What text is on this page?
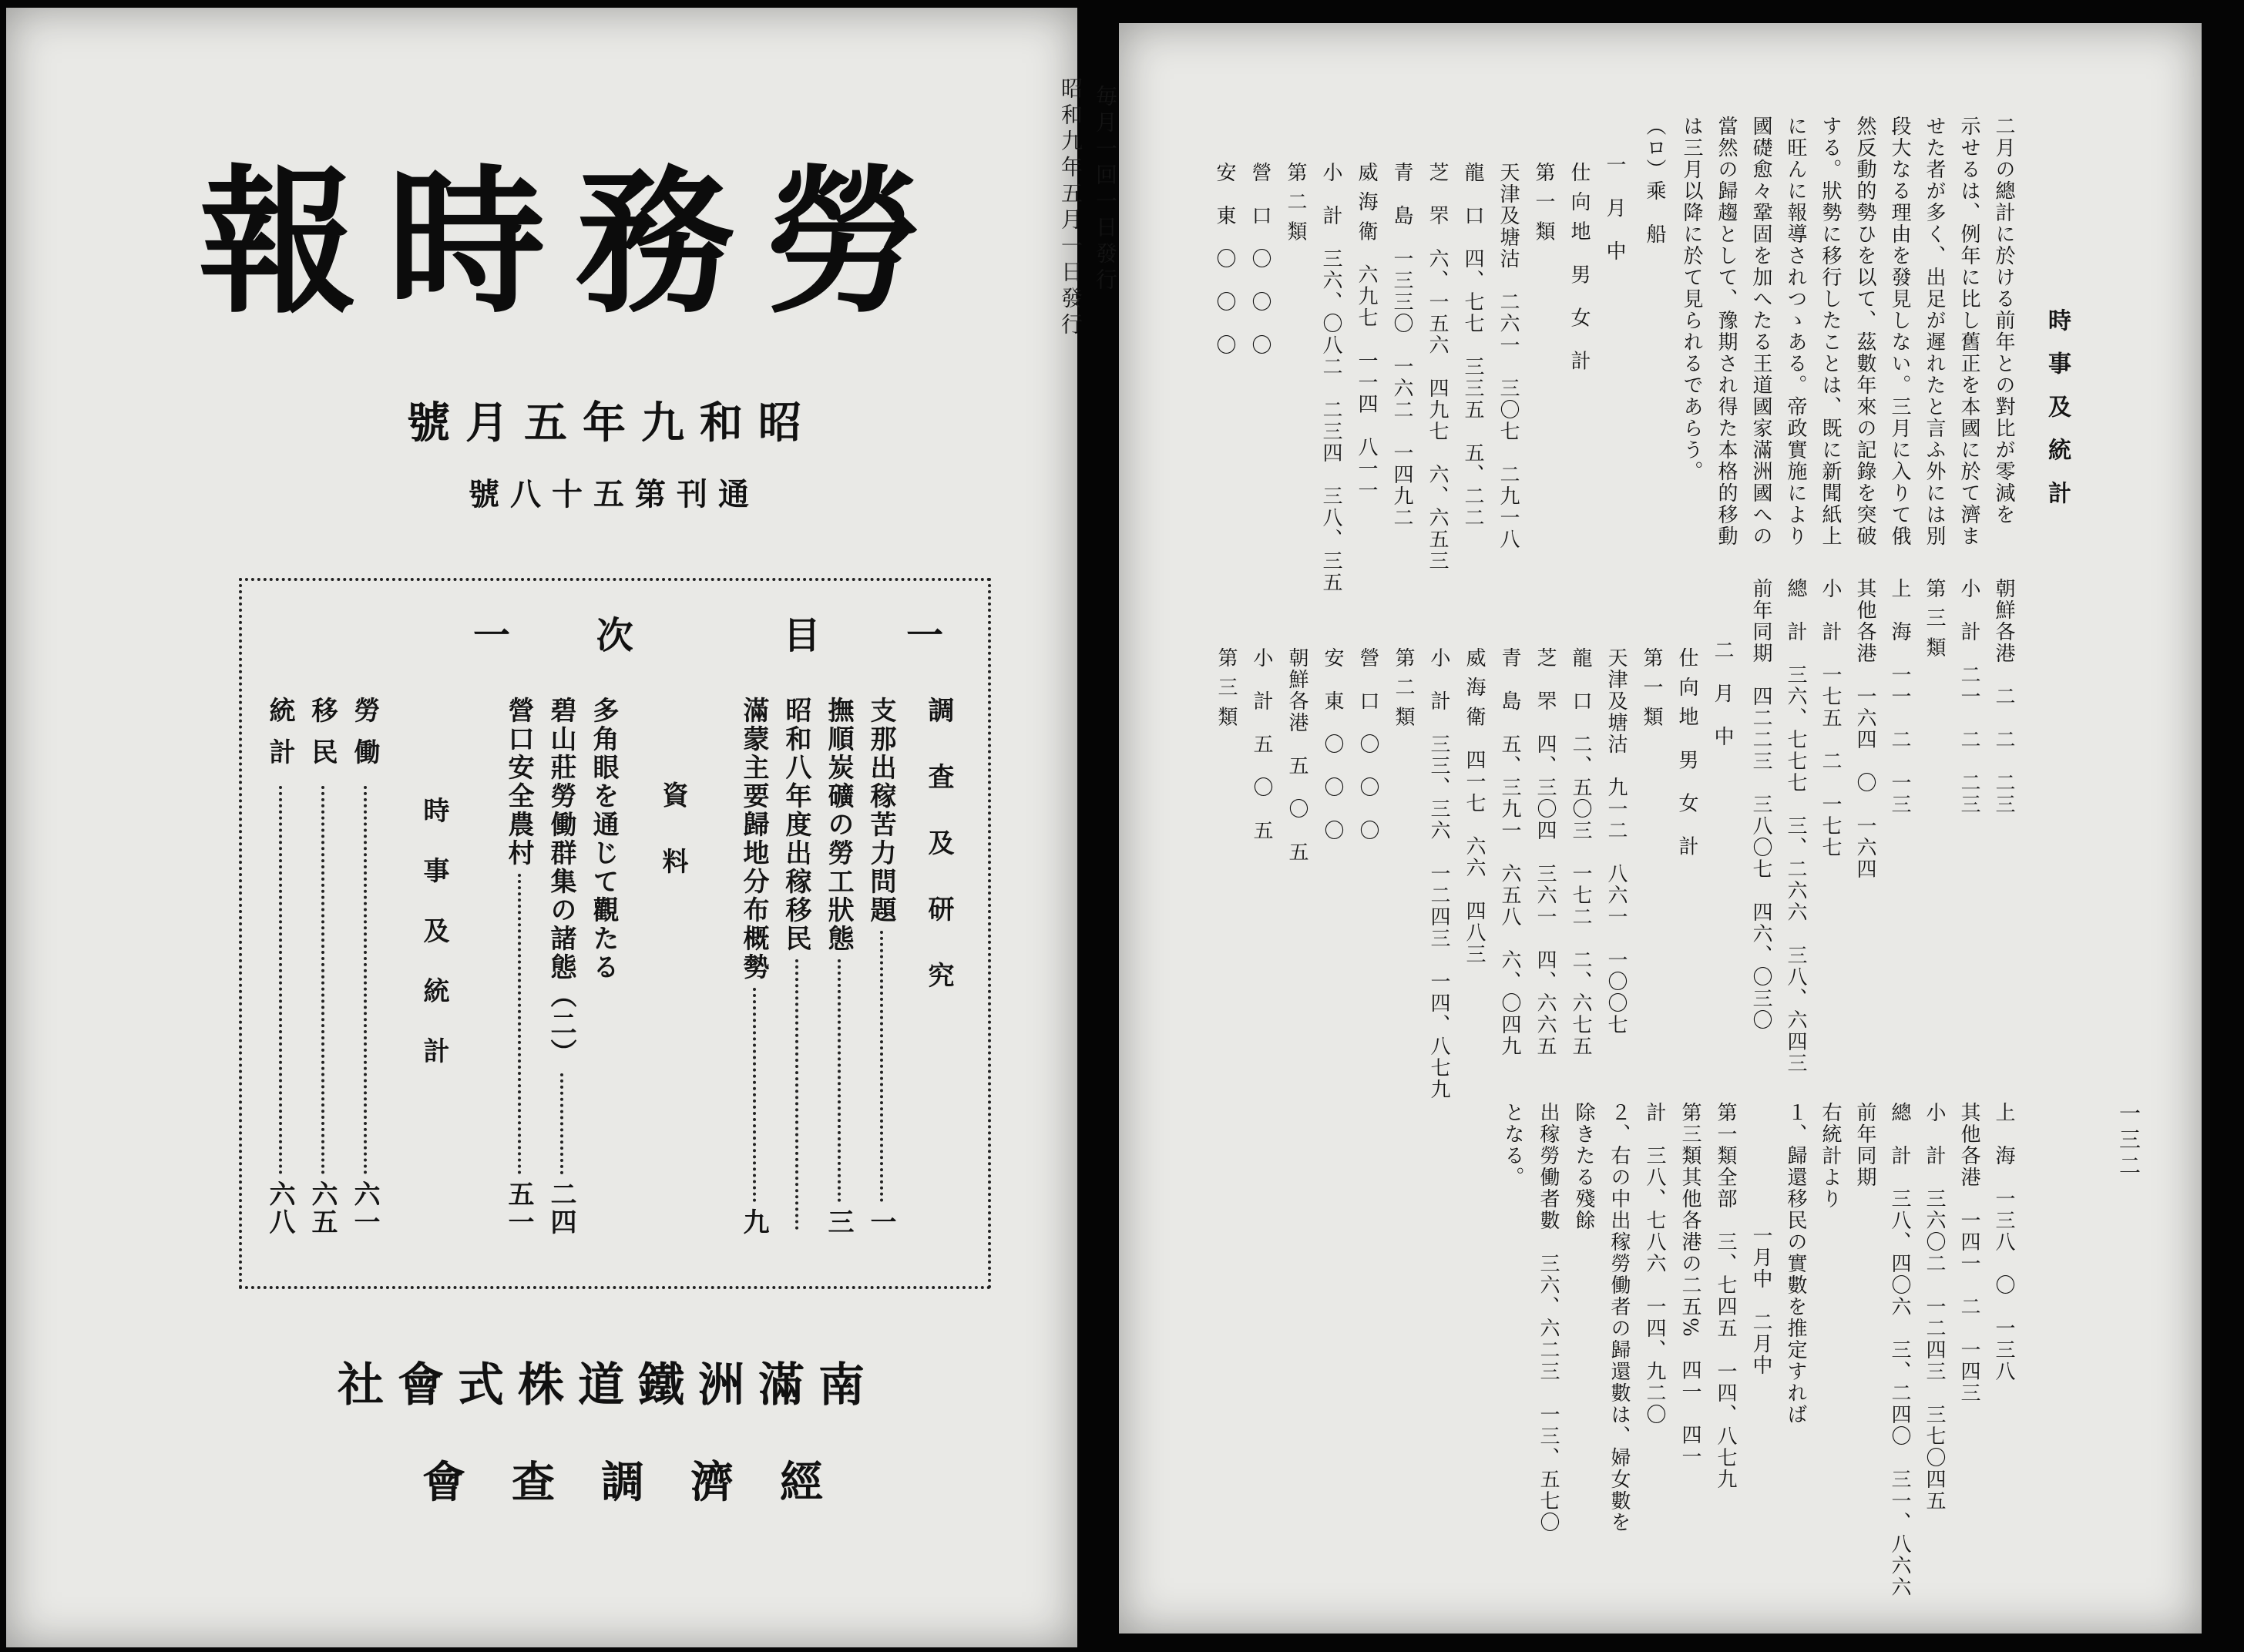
報時務勞
號月五年九和昭
號八十五第刊通
毎月一回一日發行
昭和九年五月一日發行
一 次	目 一
調査及研究
支那出稼苦力問題
一
撫順炭礦の勞工狀態
三
昭和八年度出稼移民
滿蒙主要歸地分布概勢
九
資料
多角眼を通じて觀たる
碧山莊勞働群集の諸態（二）
二四
營口安全農村
五一
時事及統計
勞働
六一
移民
六五
統計
六八
社會式株道鐵洲滿南
會查調濟經
時事及統計
二月の總計に於ける前年との對比が零減を
示せるは、例年に比し舊正を本國に於て濟ま
せた者が多く、出足が遲れたと言ふ外には別
段大なる理由を發見しない。三月に入りて俄
然反動的勢ひを以て、茲數年來の記錄を突破
する。狀勢に移行したことは、既に新聞紙上
に旺んに報導されつゝある。帝政實施により
國礎愈々鞏固を加へたる王道國家滿洲國への
當然の歸趨として、豫期され得た本格的移動
は三月以降に於て見られるであらう。
（ロ）乘　船
一　月　中
仕 向 地　男　女　計
第 一 類
天津及塘沽　二六一　三〇七　二九一八
龍　口　四、七七　三三五　五、二二
芝　罘　六、一五六　四九七　六、六五三
青　島　一三三〇　一六二　一四九二
威 海 衛　六九七　一一四　八一一
小　計　三六、〇八二　二三四　三八、三五
第 二 類
營　口　〇　〇　〇
安　東　〇　〇　〇
朝鮮各港　二　二　二三
小　計　二一　二　二三
第 三 類
上　海　一一　二　一三
其他各港　一六四　〇　一六四
小　計　一七五　二　一七七
總　計　三六、七七七　三、二六六　三八、六四三
前年同期　四二二三　三八〇七　四六、〇三〇
二　月　中
仕 向 地　男　女　計
第 一 類
天津及塘沽　九一二　八六一　一〇〇七
龍　口　二、五〇三　一七二　二、六七五
芝　罘　四、三〇四　三六一　四、六六五
青　島　五、三九一　六五八　六、〇四九
威 海 衛　四一七　六六　四八三
小　計　三三、三六　一二四三　一四、八七九
第 二 類
營　口　〇　〇　〇
安　東　〇　〇　〇
朝鮮各港　五　〇　五
小　計　五　〇　五
第 三 類
上　海　一三八　〇　一三八
其他各港　一四一　二　一四三
小　計　三六〇二　一二四三　三七〇四五
總　計　三八、四〇六　三、二四〇　三一、八六六
前年同期
右統計より
１、歸還移民の實數を推定すれば
一月中　二月中
第一類全部　三、七四五　一四、八七九
第三類其他各港の二五%　四一　四一
計　三八、七八六　一四、九二〇
２、右の中出稼勞働者の歸還數は、婦女數を
除きたる殘餘
出稼勞働者數　三六、六二三　一三、五七〇
となる。	一三二
